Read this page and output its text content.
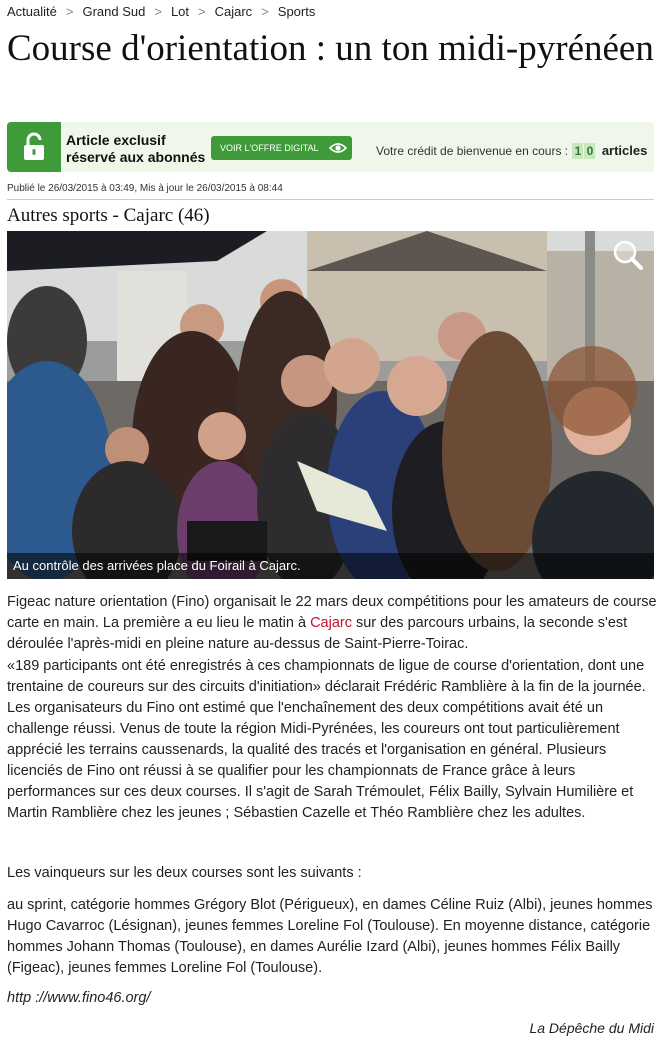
Actualité > Grand Sud > Lot > Cajarc > Sports
Course d'orientation : un ton midi-pyrénéen
Article exclusif
réservé aux abonnés
VOIR L'OFFRE DIGITAL	Votre crédit de bienvenue en cours : 1 0 articles
Publié le 26/03/2015 à 03:49, Mis à jour le 26/03/2015 à 08:44
Autres sports - Cajarc (46)
Au contrôle des arrivées place du Foirail à Cajarc.

Figeac nature orientation (Fino) organisait le 22 mars deux compétitions pour les amateurs de course carte en main. La première a eu lieu le matin à Cajarc sur des parcours urbains, la seconde s'est déroulée l'après-midi en pleine nature au-dessus de Saint-Pierre-Toirac.

«189 participants ont été enregistrés à ces championnats de ligue de course d'orientation, dont une trentaine de coureurs sur des circuits d'initiation» déclarait Frédéric Ramblière à la fin de la journée. Les organisateurs du Fino ont estimé que l'enchaînement des deux compétitions avait été un challenge réussi. Venus de toute la région Midi-Pyrénées, les coureurs ont tout particulièrement apprécié les terrains caussenards, la qualité des tracés et l'organisation en général. Plusieurs licenciés de Fino ont réussi à se qualifier pour les championnats de France grâce à leurs performances sur ces deux courses. Il s'agit de Sarah Trémoulet, Félix Bailly, Sylvain Humilière et Martin Ramblière chez les jeunes ; Sébastien Cazelle et Théo Ramblière chez les adultes.

Les vainqueurs sur les deux courses sont les suivants :

au sprint, catégorie hommes Grégory Blot (Périgueux), en dames Céline Ruiz (Albi), jeunes hommes Hugo Cavarroc (Lésignan), jeunes femmes Loreline Fol (Toulouse). En moyenne distance, catégorie hommes Johann Thomas (Toulouse), en dames Aurélie Izard (Albi), jeunes hommes Félix Bailly (Figeac), jeunes femmes Loreline Fol (Toulouse).

http ://www.fino46.org/

La Dépêche du Midi
